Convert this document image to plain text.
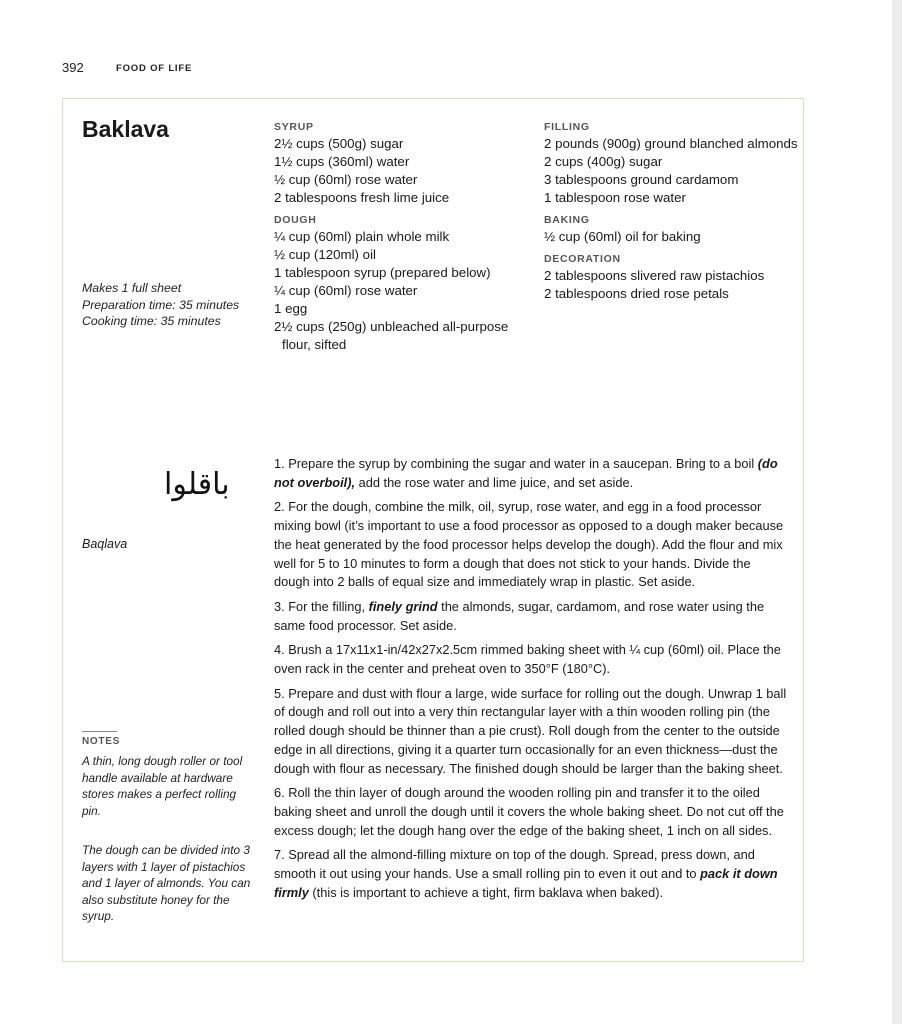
392	FOOD OF LIFE
Baklava
Makes 1 full sheet
Preparation time: 35 minutes
Cooking time: 35 minutes
SYRUP
2½ cups (500g) sugar
1½ cups (360ml) water
½ cup (60ml) rose water
2 tablespoons fresh lime juice
DOUGH
¼ cup (60ml) plain whole milk
½ cup (120ml) oil
1 tablespoon syrup (prepared below)
¼ cup (60ml) rose water
1 egg
2½ cups (250g) unbleached all-purpose flour, sifted
FILLING
2 pounds (900g) ground blanched almonds
2 cups (400g) sugar
3 tablespoons ground cardamom
1 tablespoon rose water
BAKING
½ cup (60ml) oil for baking
DECORATION
2 tablespoons slivered raw pistachios
2 tablespoons dried rose petals
باقلوا
Baqlava
NOTES
A thin, long dough roller or tool handle available at hardware stores makes a perfect rolling pin.
The dough can be divided into 3 layers with 1 layer of pistachios and 1 layer of almonds. You can also substitute honey for the syrup.

1. Prepare the syrup by combining the sugar and water in a saucepan. Bring to a boil (do not overboil), add the rose water and lime juice, and set aside.

2. For the dough, combine the milk, oil, syrup, rose water, and egg in a food processor mixing bowl (it’s important to use a food processor as opposed to a dough maker because the heat generated by the food processor helps develop the dough). Add the flour and mix well for 5 to 10 minutes to form a dough that does not stick to your hands. Divide the dough into 2 balls of equal size and immediately wrap in plastic. Set aside.

3. For the filling, finely grind the almonds, sugar, cardamom, and rose water using the same food processor. Set aside.

4. Brush a 17x11x1-in/42x27x2.5cm rimmed baking sheet with ¼ cup (60ml) oil. Place the oven rack in the center and preheat oven to 350°F (180°C).

5. Prepare and dust with flour a large, wide surface for rolling out the dough. Unwrap 1 ball of dough and roll out into a very thin rectangular layer with a thin wooden rolling pin (the rolled dough should be thinner than a pie crust). Roll dough from the center to the outside edge in all directions, giving it a quarter turn occasionally for an even thickness—dust the dough with flour as necessary. The finished dough should be larger than the baking sheet.

6. Roll the thin layer of dough around the wooden rolling pin and transfer it to the oiled baking sheet and unroll the dough until it covers the whole baking sheet. Do not cut off the excess dough; let the dough hang over the edge of the baking sheet, 1 inch on all sides.

7. Spread all the almond-filling mixture on top of the dough. Spread, press down, and smooth it out using your hands. Use a small rolling pin to even it out and to pack it down firmly (this is important to achieve a tight, firm baklava when baked).
